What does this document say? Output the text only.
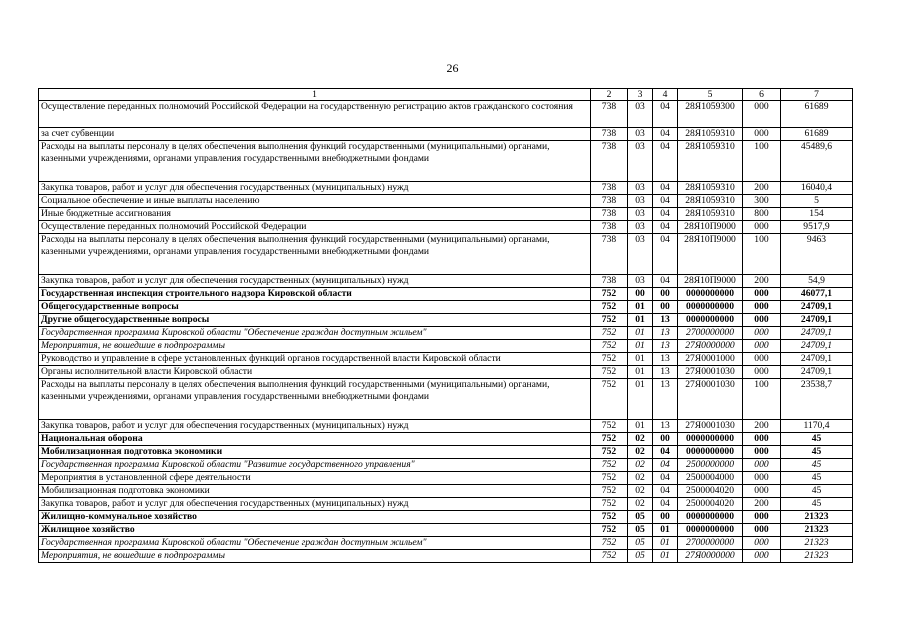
26
1	2	3	4	5	6	7
Осуществление переданных полномочий Российской Федерации на государственную регистрацию актов гражданского состояния	738	03	04	28Я1059300	000	61689
за счет субвенции	738	03	04	28Я1059310	000	61689
Расходы на выплаты персоналу в целях обеспечения выполнения функций государственными (муниципальными) органами, казенными учреждениями, органами управления государственными внебюджетными фондами	738	03	04	28Я1059310	100	45489,6
Закупка товаров, работ и услуг для обеспечения государственных (муниципальных) нужд	738	03	04	28Я1059310	200	16040,4
Социальное обеспечение и иные выплаты населению	738	03	04	28Я1059310	300	5
Иные бюджетные ассигнования	738	03	04	28Я1059310	800	154
Осуществление переданных полномочий Российской Федерации	738	03	04	28Я10П9000	000	9517,9
Расходы на выплаты персоналу в целях обеспечения выполнения функций государственными (муниципальными) органами, казенными учреждениями, органами управления государственными внебюджетными фондами	738	03	04	28Я10П9000	100	9463
Закупка товаров, работ и услуг для обеспечения государственных (муниципальных) нужд	738	03	04	28Я10П9000	200	54,9
Государственная инспекция строительного надзора Кировской области	752	00	00	0000000000	000	46077,1
Общегосударственные вопросы	752	01	00	0000000000	000	24709,1
Другие общегосударственные вопросы	752	01	13	0000000000	000	24709,1
Государственная программа Кировской области "Обеспечение граждан доступным жильем"	752	01	13	2700000000	000	24709,1
Мероприятия, не вошедшие в подпрограммы	752	01	13	27Я0000000	000	24709,1
Руководство и управление в сфере установленных функций органов государственной власти Кировской области	752	01	13	27Я0001000	000	24709,1
Органы исполнительной власти Кировской области	752	01	13	27Я0001030	000	24709,1
Расходы на выплаты персоналу в целях обеспечения выполнения функций государственными (муниципальными) органами, казенными учреждениями, органами управления государственными внебюджетными фондами	752	01	13	27Я0001030	100	23538,7
Закупка товаров, работ и услуг для обеспечения государственных (муниципальных) нужд	752	01	13	27Я0001030	200	1170,4
Национальная оборона	752	02	00	0000000000	000	45
Мобилизационная подготовка экономики	752	02	04	0000000000	000	45
Государственная программа Кировской области "Развитие государственного управления"	752	02	04	2500000000	000	45
Мероприятия в установленной сфере деятельности	752	02	04	2500004000	000	45
Мобилизационная подготовка экономики	752	02	04	2500004020	000	45
Закупка товаров, работ и услуг для обеспечения государственных (муниципальных) нужд	752	02	04	2500004020	200	45
Жилищно-коммунальное хозяйство	752	05	00	0000000000	000	21323
Жилищное хозяйство	752	05	01	0000000000	000	21323
Государственная программа Кировской области "Обеспечение граждан доступным жильем"	752	05	01	2700000000	000	21323
Мероприятия, не вошедшие в подпрограммы	752	05	01	27Я0000000	000	21323
